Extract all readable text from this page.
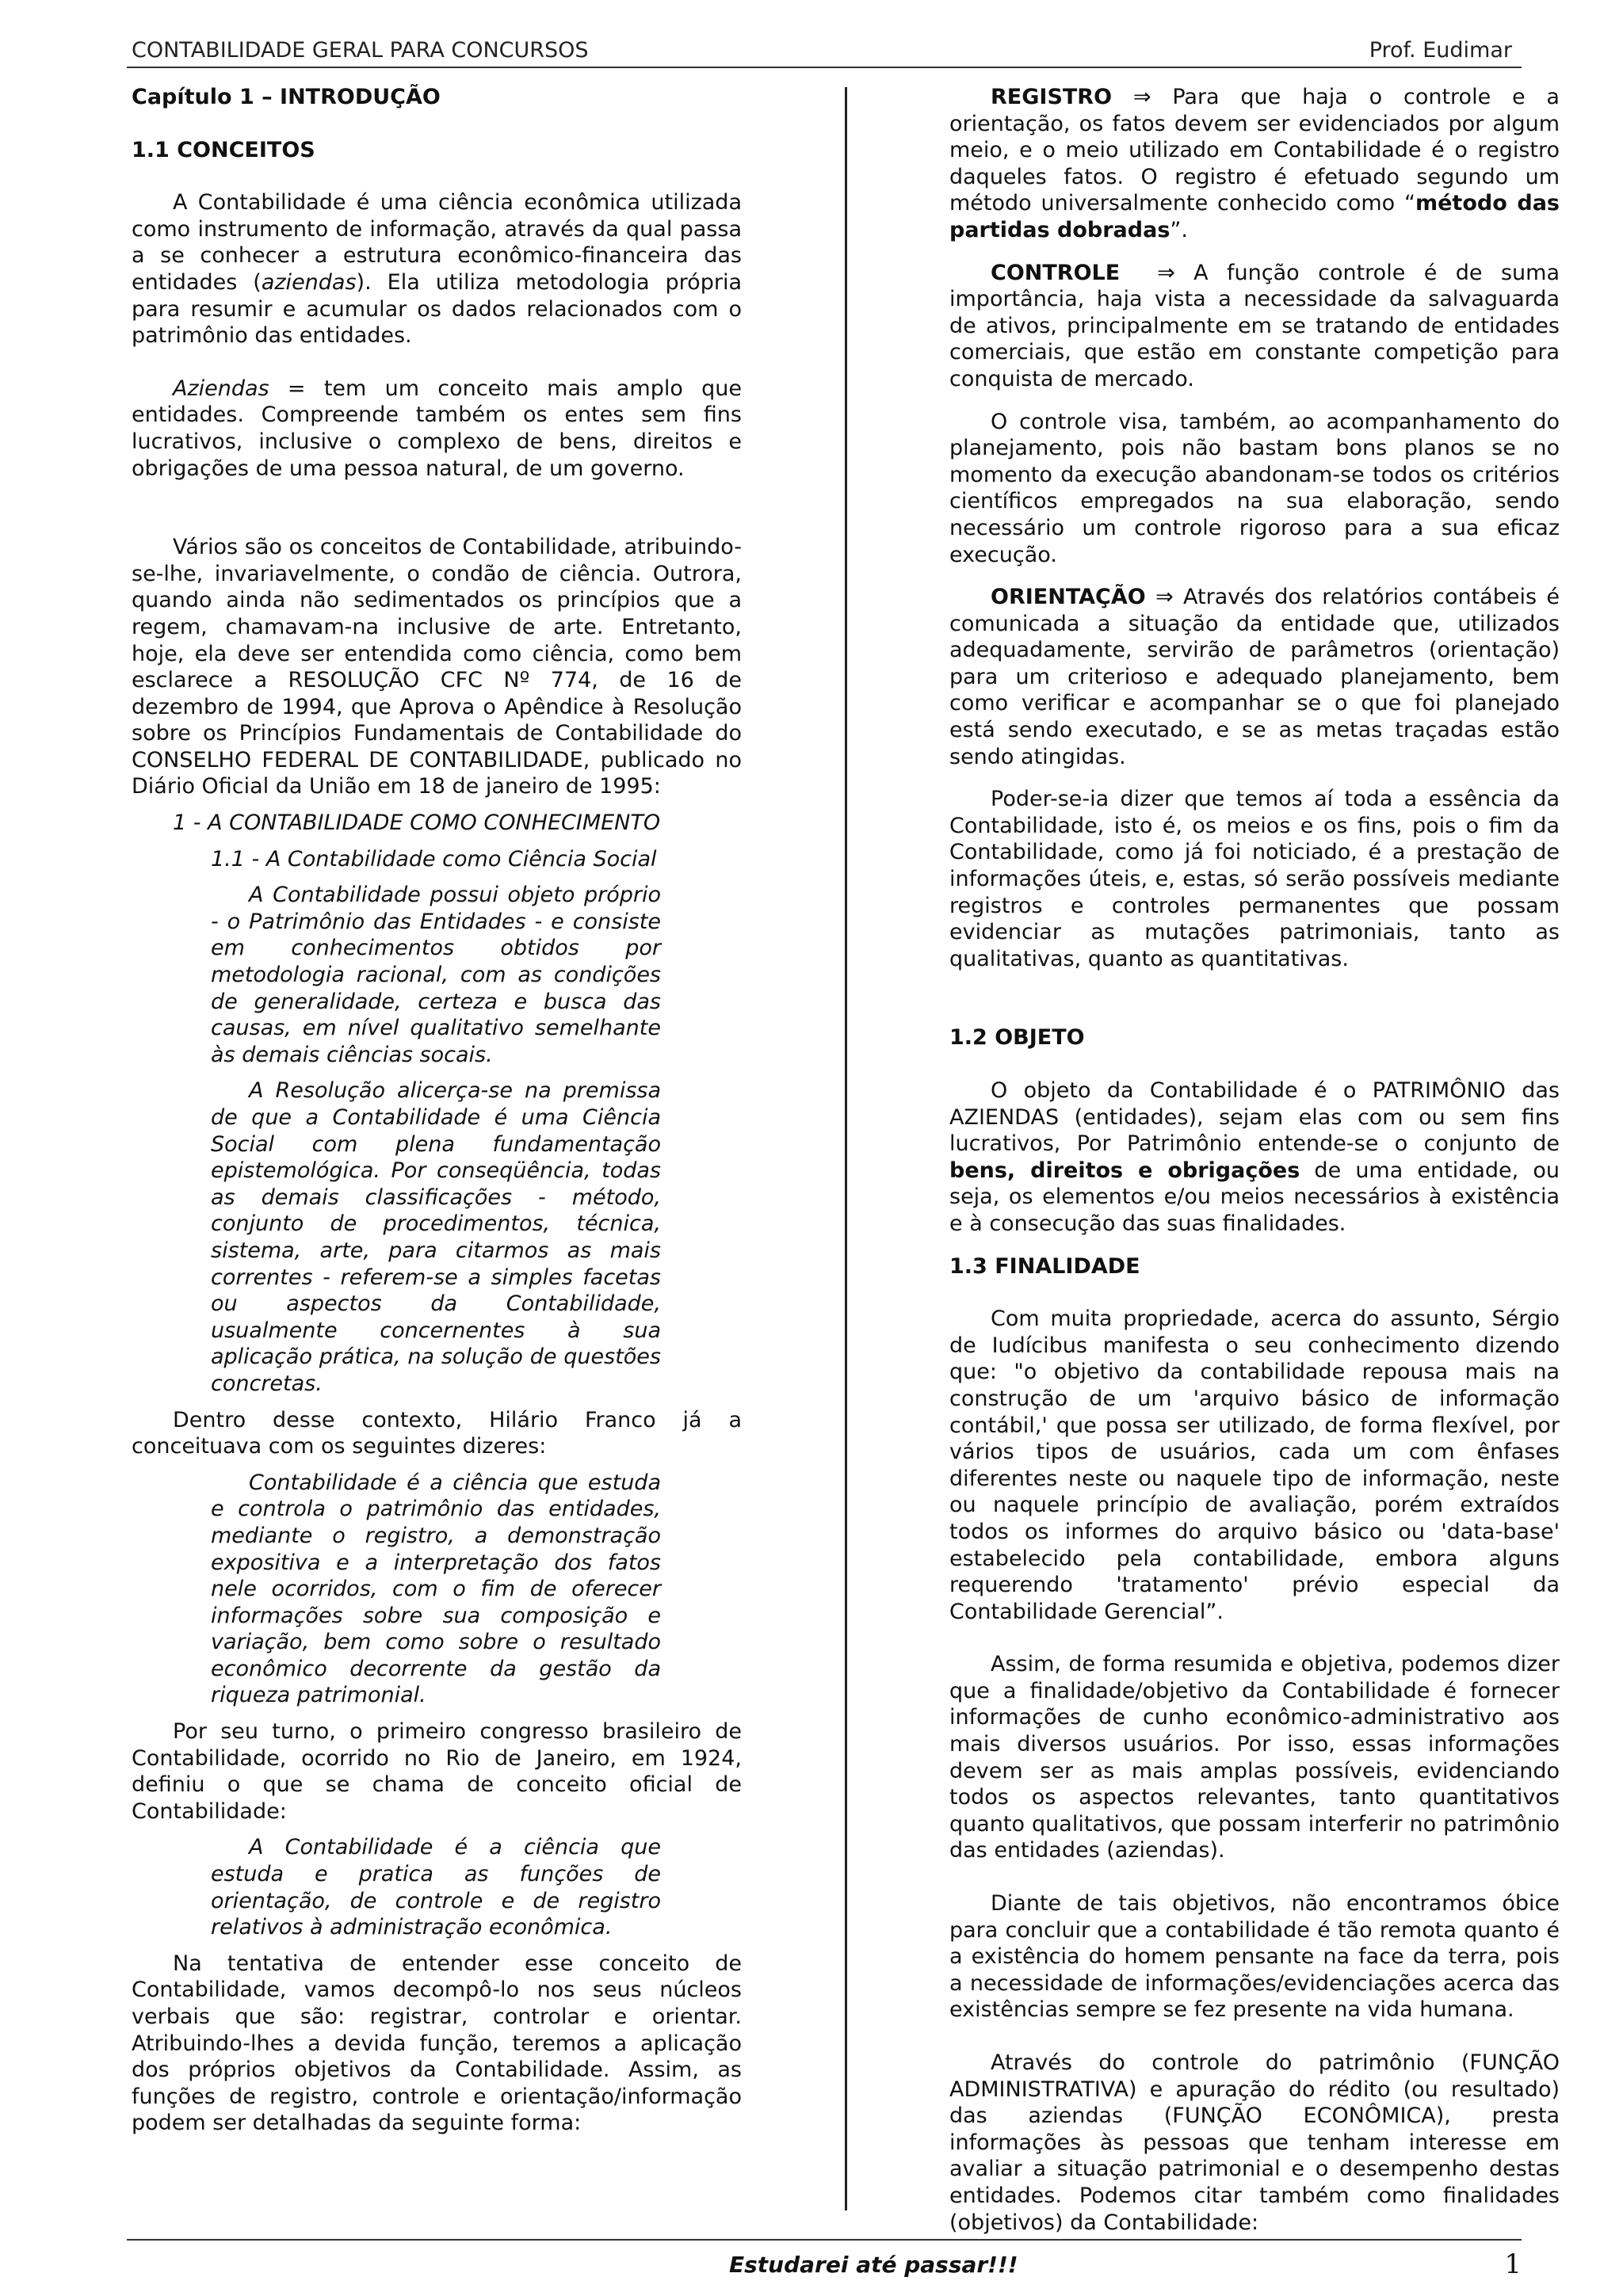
CONTABILIDADE GERAL PARA CONCURSOS	Prof. Eudimar

Capítulo 1 – INTRODUÇÃO

1.1 CONCEITOS

A Contabilidade é uma ciência econômica utilizada como instrumento de informação, através da qual passa a se conhecer a estrutura econômico-financeira das entidades (aziendas). Ela utiliza metodologia própria para resumir e acumular os dados relacionados com o patrimônio das entidades.

Aziendas = tem um conceito mais amplo que entidades. Compreende também os entes sem fins lucrativos, inclusive o complexo de bens, direitos e obrigações de uma pessoa natural, de um governo.

Vários são os conceitos de Contabilidade, atribuindo-se-lhe, invariavelmente, o condão de ciência. Outrora, quando ainda não sedimentados os princípios que a regem, chamavam-na inclusive de arte. Entretanto, hoje, ela deve ser entendida como ciência, como bem esclarece a RESOLUÇÃO CFC Nº 774, de 16 de dezembro de 1994, que Aprova o Apêndice à Resolução sobre os Princípios Fundamentais de Contabilidade do CONSELHO FEDERAL DE CONTABILIDADE, publicado no Diário Oficial da União em 18 de janeiro de 1995:

1 - A CONTABILIDADE COMO CONHECIMENTO

1.1 - A Contabilidade como Ciência Social

A Contabilidade possui objeto próprio - o Patrimônio das Entidades - e consiste em conhecimentos obtidos por metodologia racional, com as condições de generalidade, certeza e busca das causas, em nível qualitativo semelhante às demais ciências socais.

A Resolução alicerça-se na premissa de que a Contabilidade é uma Ciência Social com plena fundamentação epistemológica. Por conseqüência, todas as demais classificações - método, conjunto de procedimentos, técnica, sistema, arte, para citarmos as mais correntes - referem-se a simples facetas ou aspectos da Contabilidade, usualmente concernentes à sua aplicação prática, na solução de questões concretas.

Dentro desse contexto, Hilário Franco já a conceituava com os seguintes dizeres:

Contabilidade é a ciência que estuda e controla o patrimônio das entidades, mediante o registro, a demonstração expositiva e a interpretação dos fatos nele ocorridos, com o fim de oferecer informações sobre sua composição e variação, bem como sobre o resultado econômico decorrente da gestão da riqueza patrimonial.

Por seu turno, o primeiro congresso brasileiro de Contabilidade, ocorrido no Rio de Janeiro, em 1924, definiu o que se chama de conceito oficial de Contabilidade:

A Contabilidade é a ciência que estuda e pratica as funções de orientação, de controle e de registro relativos à administração econômica.

Na tentativa de entender esse conceito de Contabilidade, vamos decompô-lo nos seus núcleos verbais que são: registrar, controlar e orientar. Atribuindo-lhes a devida função, teremos a aplicação dos próprios objetivos da Contabilidade. Assim, as funções de registro, controle e orientação/informação podem ser detalhadas da seguinte forma:

REGISTRO ⇒ Para que haja o controle e a orientação, os fatos devem ser evidenciados por algum meio, e o meio utilizado em Contabilidade é o registro daqueles fatos. O registro é efetuado segundo um método universalmente conhecido como “método das partidas dobradas”.

CONTROLE ⇒ A função controle é de suma importância, haja vista a necessidade da salvaguarda de ativos, principalmente em se tratando de entidades comerciais, que estão em constante competição para conquista de mercado.

O controle visa, também, ao acompanhamento do planejamento, pois não bastam bons planos se no momento da execução abandonam-se todos os critérios científicos empregados na sua elaboração, sendo necessário um controle rigoroso para a sua eficaz execução.

ORIENTAÇÃO ⇒ Através dos relatórios contábeis é comunicada a situação da entidade que, utilizados adequadamente, servirão de parâmetros (orientação) para um criterioso e adequado planejamento, bem como verificar e acompanhar se o que foi planejado está sendo executado, e se as metas traçadas estão sendo atingidas.

Poder-se-ia dizer que temos aí toda a essência da Contabilidade, isto é, os meios e os fins, pois o fim da Contabilidade, como já foi noticiado, é a prestação de informações úteis, e, estas, só serão possíveis mediante registros e controles permanentes que possam evidenciar as mutações patrimoniais, tanto as qualitativas, quanto as quantitativas.

1.2 OBJETO

O objeto da Contabilidade é o PATRIMÔNIO das AZIENDAS (entidades), sejam elas com ou sem fins lucrativos, Por Patrimônio entende-se o conjunto de bens, direitos e obrigações de uma entidade, ou seja, os elementos e/ou meios necessários à existência e à consecução das suas finalidades.

1.3 FINALIDADE

Com muita propriedade, acerca do assunto, Sérgio de Iudícibus manifesta o seu conhecimento dizendo que: "o objetivo da contabilidade repousa mais na construção de um 'arquivo básico de informação contábil,' que possa ser utilizado, de forma flexível, por vários tipos de usuários, cada um com ênfases diferentes neste ou naquele tipo de informação, neste ou naquele princípio de avaliação, porém extraídos todos os informes do arquivo básico ou 'data-base' estabelecido pela contabilidade, embora alguns requerendo 'tratamento' prévio especial da Contabilidade Gerencial”.

Assim, de forma resumida e objetiva, podemos dizer que a finalidade/objetivo da Contabilidade é fornecer informações de cunho econômico-administrativo aos mais diversos usuários. Por isso, essas informações devem ser as mais amplas possíveis, evidenciando todos os aspectos relevantes, tanto quantitativos quanto qualitativos, que possam interferir no patrimônio das entidades (aziendas).

Diante de tais objetivos, não encontramos óbice para concluir que a contabilidade é tão remota quanto é a existência do homem pensante na face da terra, pois a necessidade de informações/evidenciações acerca das existências sempre se fez presente na vida humana.

Através do controle do patrimônio (FUNÇÃO ADMINISTRATIVA) e apuração do rédito (ou resultado) das aziendas (FUNÇÃO ECONÔMICA), presta informações às pessoas que tenham interesse em avaliar a situação patrimonial e o desempenho destas entidades. Podemos citar também como finalidades (objetivos) da Contabilidade:

Estudarei até passar!!!	1
